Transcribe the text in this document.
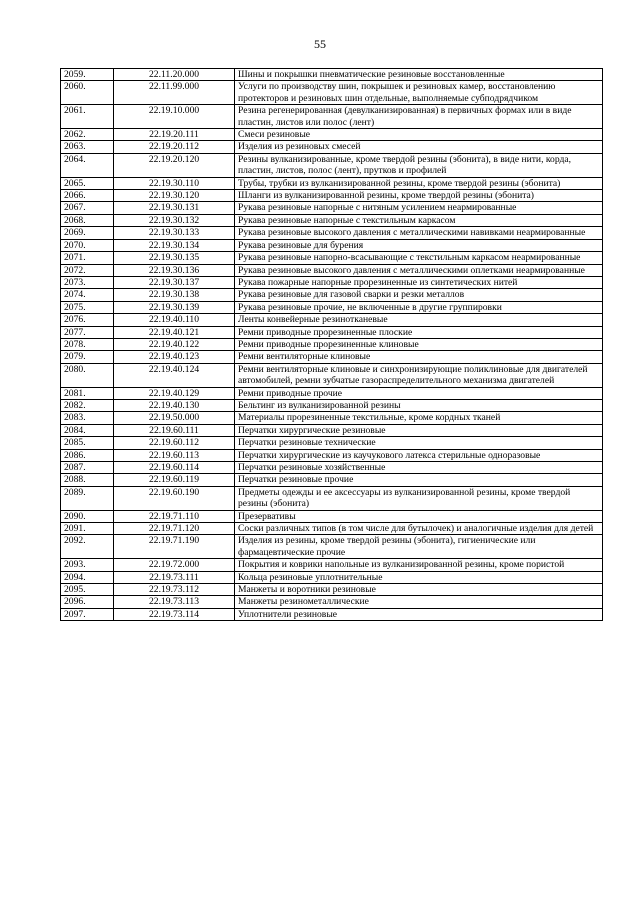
55
2059.	22.11.20.000	Шины и покрышки пневматические резиновые восстановленные
2060.	22.11.99.000	Услуги по производству шин, покрышек и резиновых камер, восстановлению протекторов и резиновых шин отдельные, выполняемые субподрядчиком
2061.	22.19.10.000	Резина регенерированная (девулканизированная) в первичных формах или в виде пластин, листов или полос (лент)
2062.	22.19.20.111	Смеси резиновые
2063.	22.19.20.112	Изделия из резиновых смесей
2064.	22.19.20.120	Резины вулканизированные, кроме твердой резины (эбонита), в виде нити, корда, пластин, листов, полос (лент), прутков и профилей
2065.	22.19.30.110	Трубы, трубки из вулканизированной резины, кроме твердой резины (эбонита)
2066.	22.19.30.120	Шланги из вулканизированной резины, кроме твердой резины (эбонита)
2067.	22.19.30.131	Рукава резиновые напорные с нитяным усилением неармированные
2068.	22.19.30.132	Рукава резиновые напорные с текстильным каркасом
2069.	22.19.30.133	Рукава резиновые высокого давления с металлическими навивками неармированные
2070.	22.19.30.134	Рукава резиновые для бурения
2071.	22.19.30.135	Рукава резиновые напорно-всасывающие с текстильным каркасом неармированные
2072.	22.19.30.136	Рукава резиновые высокого давления с металлическими оплетками неармированные
2073.	22.19.30.137	Рукава пожарные напорные прорезиненные из синтетических нитей
2074.	22.19.30.138	Рукава резиновые для газовой сварки и резки металлов
2075.	22.19.30.139	Рукава резиновые прочие, не включенные в другие группировки
2076.	22.19.40.110	Ленты конвейерные резинотканевые
2077.	22.19.40.121	Ремни приводные прорезиненные плоские
2078.	22.19.40.122	Ремни приводные прорезиненные клиновые
2079.	22.19.40.123	Ремни вентиляторные клиновые
2080.	22.19.40.124	Ремни вентиляторные клиновые и синхронизирующие поликлиновые для двигателей автомобилей, ремни зубчатые газораспределительного механизма двигателей
2081.	22.19.40.129	Ремни приводные прочие
2082.	22.19.40.130	Бельтинг из вулканизированной резины
2083.	22.19.50.000	Материалы прорезиненные текстильные, кроме кордных тканей
2084.	22.19.60.111	Перчатки хирургические резиновые
2085.	22.19.60.112	Перчатки резиновые технические
2086.	22.19.60.113	Перчатки хирургические из каучукового латекса стерильные одноразовые
2087.	22.19.60.114	Перчатки резиновые хозяйственные
2088.	22.19.60.119	Перчатки резиновые прочие
2089.	22.19.60.190	Предметы одежды и ее аксессуары из вулканизированной резины, кроме твердой резины (эбонита)
2090.	22.19.71.110	Презервативы
2091.	22.19.71.120	Соски различных типов (в том числе для бутылочек) и аналогичные изделия для детей
2092.	22.19.71.190	Изделия из резины, кроме твердой резины (эбонита), гигиенические или фармацевтические прочие
2093.	22.19.72.000	Покрытия и коврики напольные из вулканизированной резины, кроме пористой
2094.	22.19.73.111	Кольца резиновые уплотнительные
2095.	22.19.73.112	Манжеты и воротники резиновые
2096.	22.19.73.113	Манжеты резинометаллические
2097.	22.19.73.114	Уплотнители резиновые
